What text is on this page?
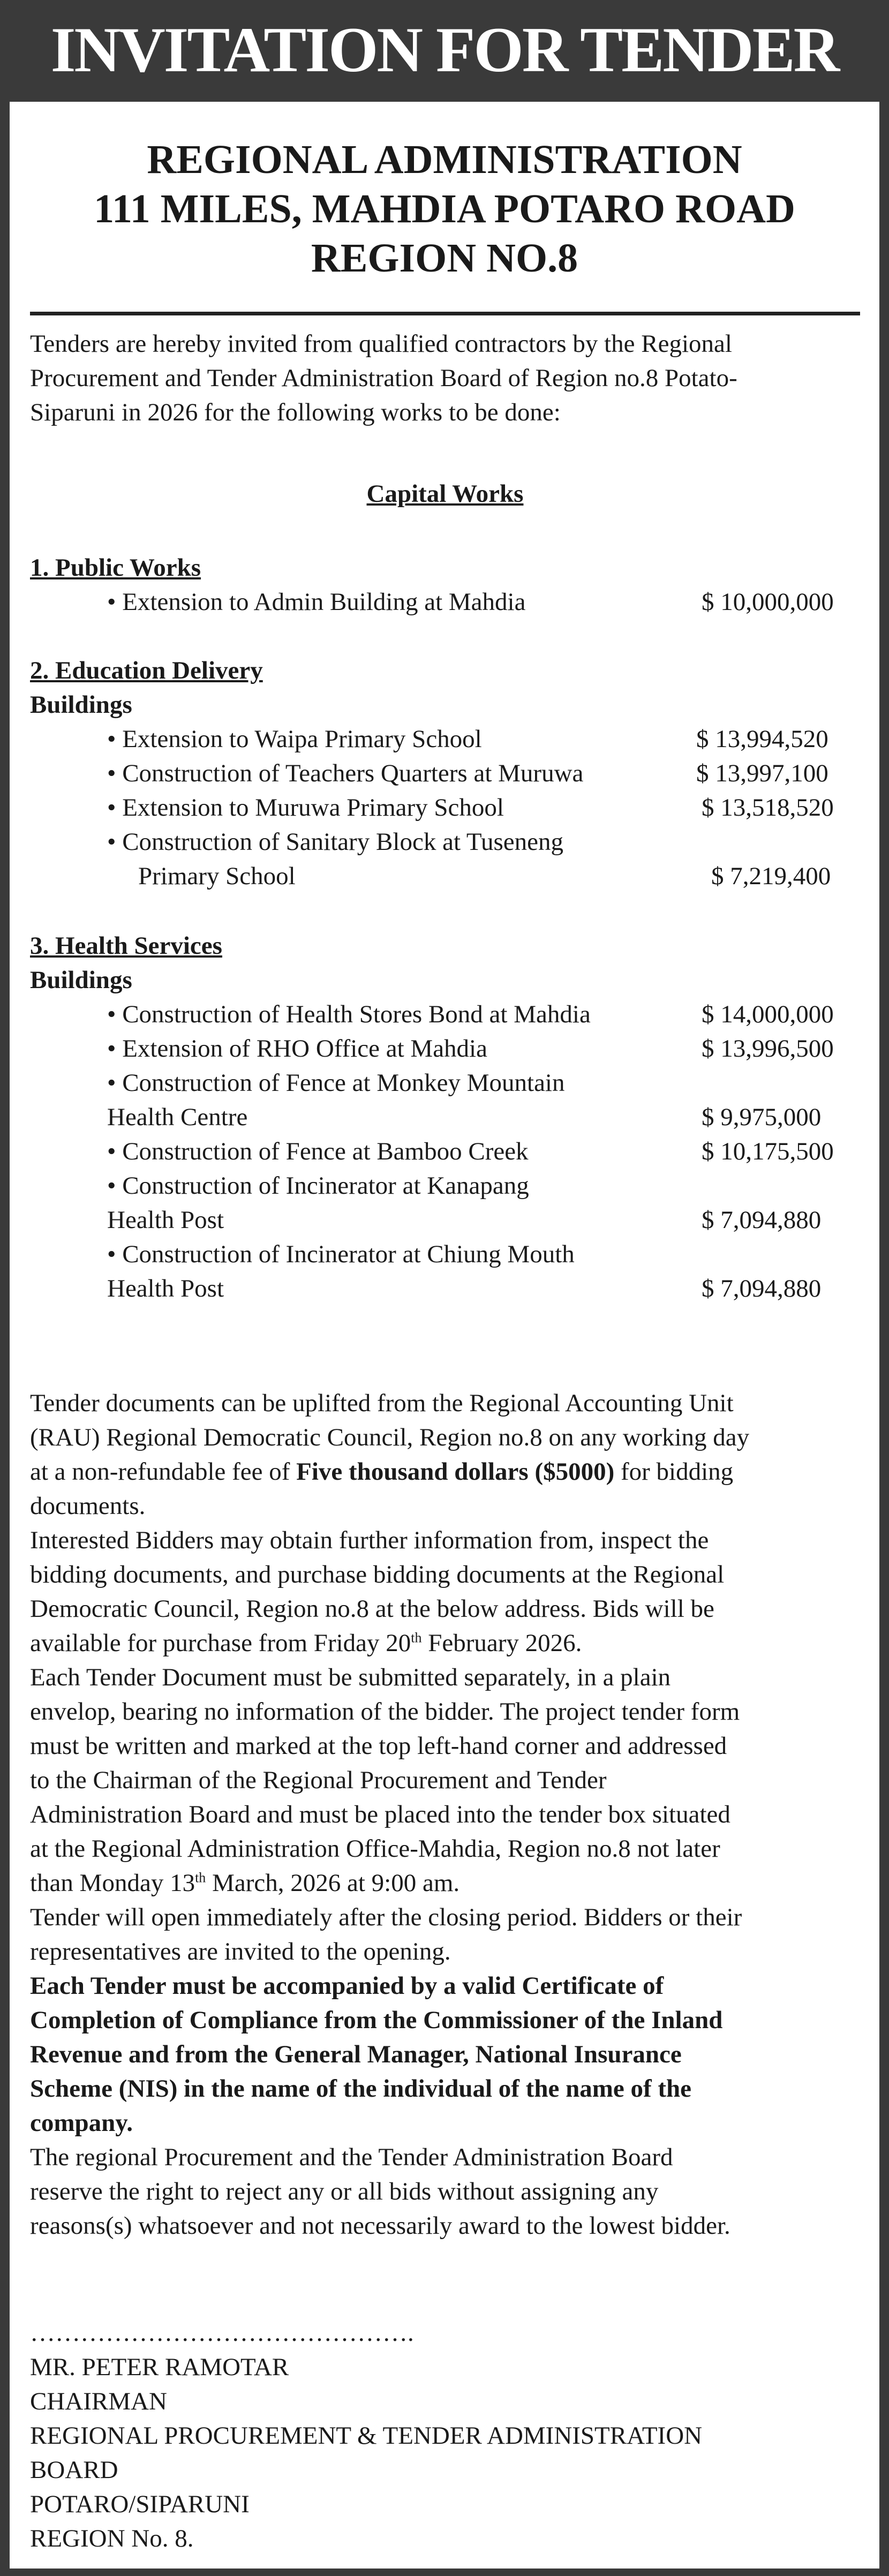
INVITATION FOR TENDER
REGIONAL ADMINISTRATION
111 MILES, MAHDIA POTARO ROAD
REGION NO.8
Tenders are hereby invited from qualified contractors by the Regional
Procurement and Tender Administration Board of Region no.8 Potato-
Siparuni in 2026 for the following works to be done:
Capital Works
1. Public Works
• Extension to Admin Building at Mahdia	$ 10,000,000
2. Education Delivery
Buildings
• Extension to Waipa Primary School	$ 13,994,520
• Construction of Teachers Quarters at Muruwa	$ 13,997,100
• Extension to Muruwa Primary School	$ 13,518,520
• Construction of Sanitary Block at Tuseneng
Primary School	$ 7,219,400
3. Health Services
Buildings
• Construction of Health Stores Bond at Mahdia	$ 14,000,000
• Extension of RHO Office at Mahdia	$ 13,996,500
• Construction of Fence at Monkey Mountain
Health Centre	$ 9,975,000
• Construction of Fence at Bamboo Creek	$ 10,175,500
• Construction of Incinerator at Kanapang
Health Post	$ 7,094,880
• Construction of Incinerator at Chiung Mouth
Health Post	$ 7,094,880
Tender documents can be uplifted from the Regional Accounting Unit
(RAU) Regional Democratic Council, Region no.8 on any working day
at a non-refundable fee of Five thousand dollars ($5000) for bidding
documents.
Interested Bidders may obtain further information from, inspect the
bidding documents, and purchase bidding documents at the Regional
Democratic Council, Region no.8 at the below address. Bids will be
available for purchase from Friday 20th February 2026.
Each Tender Document must be submitted separately, in a plain
envelop, bearing no information of the bidder. The project tender form
must be written and marked at the top left-hand corner and addressed
to the Chairman of the Regional Procurement and Tender
Administration Board and must be placed into the tender box situated
at the Regional Administration Office-Mahdia, Region no.8 not later
than Monday 13th March, 2026 at 9:00 am.
Tender will open immediately after the closing period. Bidders or their
representatives are invited to the opening.
Each Tender must be accompanied by a valid Certificate of
Completion of Compliance from the Commissioner of the Inland
Revenue and from the General Manager, National Insurance
Scheme (NIS) in the name of the individual of the name of the
company.
The regional Procurement and the Tender Administration Board
reserve the right to reject any or all bids without assigning any
reasons(s) whatsoever and not necessarily award to the lowest bidder.
……………………………………….
MR. PETER RAMOTAR
CHAIRMAN
REGIONAL PROCUREMENT & TENDER ADMINISTRATION
BOARD
POTARO/SIPARUNI
REGION No. 8.
